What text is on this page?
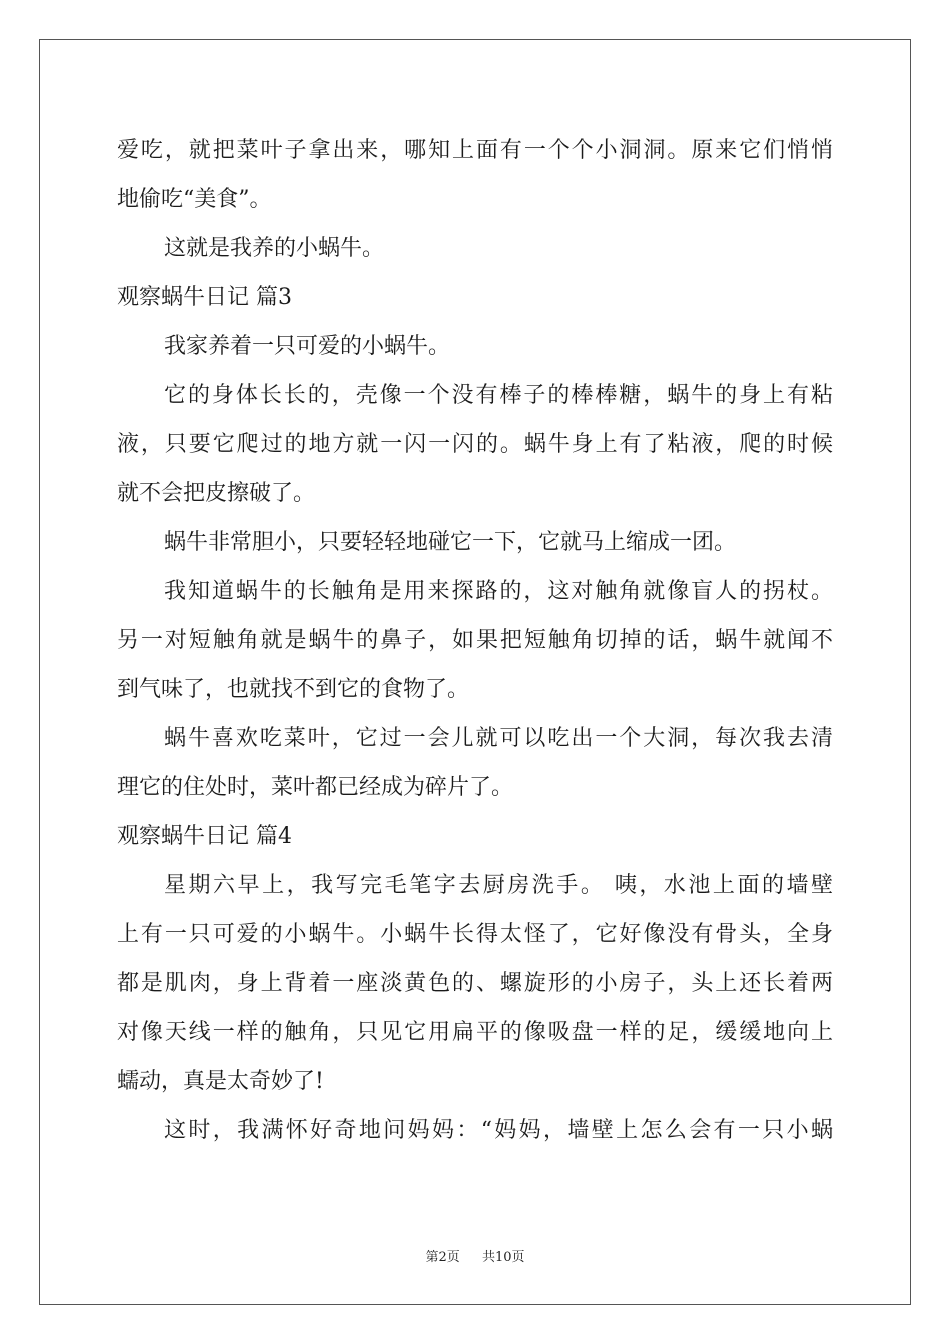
爱吃，就把菜叶子拿出来，哪知上面有一个个小洞洞。原来它们悄悄
地偷吃“美食”。
这就是我养的小蜗牛。
观察蜗牛日记 篇3
我家养着一只可爱的小蜗牛。
它的身体长长的，壳像一个没有棒子的棒棒糖，蜗牛的身上有粘
液，只要它爬过的地方就一闪一闪的。蜗牛身上有了粘液，爬的时候
就不会把皮擦破了。
蜗牛非常胆小，只要轻轻地碰它一下，它就马上缩成一团。
我知道蜗牛的长触角是用来探路的，这对触角就像盲人的拐杖。
另一对短触角就是蜗牛的鼻子，如果把短触角切掉的话，蜗牛就闻不
到气味了，也就找不到它的食物了。
蜗牛喜欢吃菜叶，它过一会儿就可以吃出一个大洞，每次我去清
理它的住处时，菜叶都已经成为碎片了。
观察蜗牛日记 篇4
星期六早上，我写完毛笔字去厨房洗手。 咦，水池上面的墙壁
上有一只可爱的小蜗牛。小蜗牛长得太怪了，它好像没有骨头，全身
都是肌肉，身上背着一座淡黄色的、螺旋形的小房子，头上还长着两
对像天线一样的触角，只见它用扁平的像吸盘一样的足，缓缓地向上
蠕动，真是太奇妙了!
这时，我满怀好奇地问妈妈：“妈妈，墙壁上怎么会有一只小蜗
第2页 共10页
